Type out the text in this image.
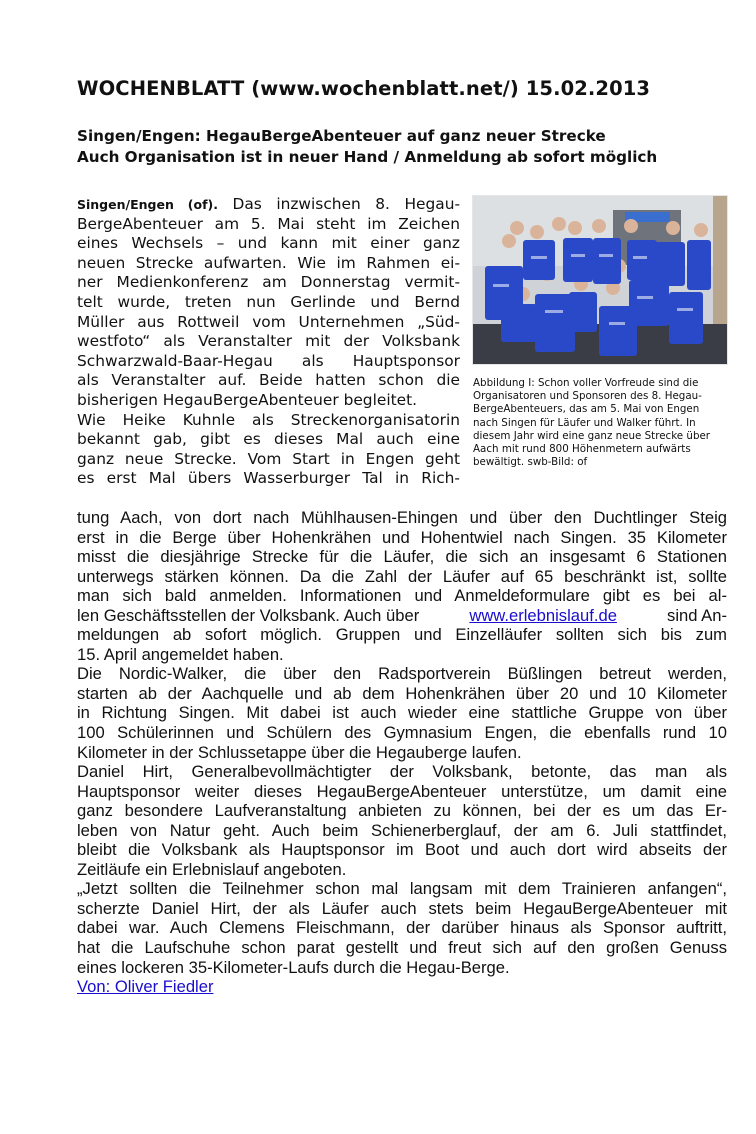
WOCHENBLATT (www.wochenblatt.net/) 15.02.2013
Singen/Engen: HegauBergeAbenteuer auf ganz neuer Strecke
Auch Organisation ist in neuer Hand / Anmeldung ab sofort möglich
Singen/Engen (of). Das inzwischen 8. Hegau-
BergeAbenteuer am 5. Mai steht im Zeichen
eines Wechsels – und kann mit einer ganz
neuen Strecke aufwarten. Wie im Rahmen ei-
ner Medienkonferenz am Donnerstag vermit-
telt wurde, treten nun Gerlinde und Bernd
Müller aus Rottweil vom Unternehmen „Süd-
westfoto“ als Veranstalter mit der Volksbank
Schwarzwald-Baar-Hegau als Hauptsponsor
als Veranstalter auf. Beide hatten schon die
bisherigen HegauBergeAbenteuer begleitet.
Wie Heike Kuhnle als Streckenorganisatorin
bekannt gab, gibt es dieses Mal auch eine
ganz neue Strecke. Vom Start in Engen geht
es erst Mal übers Wasserburger Tal in Rich-
Abbildung I: Schon voller Vorfreude sind die
Organisatoren und Sponsoren des 8. Hegau-
BergeAbenteuers, das am 5. Mai von Engen
nach Singen für Läufer und Walker führt. In
diesem Jahr wird eine ganz neue Strecke über
Aach mit rund 800 Höhenmetern aufwärts
bewältigt. swb-Bild: of
tung Aach, von dort nach Mühlhausen-Ehingen und über den Duchtlinger Steig
erst in die Berge über Hohenkrähen und Hohentwiel nach Singen. 35 Kilometer
misst die diesjährige Strecke für die Läufer, die sich an insgesamt 6 Stationen
unterwegs stärken können. Da die Zahl der Läufer auf 65 beschränkt ist, sollte
man sich bald anmelden. Informationen und Anmeldeformulare gibt es bei al-
len Geschäftsstellen der Volksbank. Auch über	www.erlebnislauf.de	sind An-
meldungen ab sofort möglich. Gruppen und Einzelläufer sollten sich bis zum
15. April angemeldet haben.
Die Nordic-Walker, die über den Radsportverein Büßlingen betreut werden,
starten ab der Aachquelle und ab dem Hohenkrähen über 20 und 10 Kilometer
in Richtung Singen. Mit dabei ist auch wieder eine stattliche Gruppe von über
100 Schülerinnen und Schülern des Gymnasium Engen, die ebenfalls rund 10
Kilometer in der Schlussetappe über die Hegauberge laufen.
Daniel Hirt, Generalbevollmächtigter der Volksbank, betonte, das man als
Hauptsponsor weiter dieses HegauBergeAbenteuer unterstütze, um damit eine
ganz besondere Laufveranstaltung anbieten zu können, bei der es um das Er-
leben von Natur geht. Auch beim Schienerberglauf, der am 6. Juli stattfindet,
bleibt die Volksbank als Hauptsponsor im Boot und auch dort wird abseits der
Zeitläufe ein Erlebnislauf angeboten.
„Jetzt sollten die Teilnehmer schon mal langsam mit dem Trainieren anfangen“,
scherzte Daniel Hirt, der als Läufer auch stets beim HegauBergeAbenteuer mit
dabei war. Auch Clemens Fleischmann, der darüber hinaus als Sponsor auftritt,
hat die Laufschuhe schon parat gestellt und freut sich auf den großen Genuss
eines lockeren 35-Kilometer-Laufs durch die Hegau-Berge.
Von: Oliver Fiedler
